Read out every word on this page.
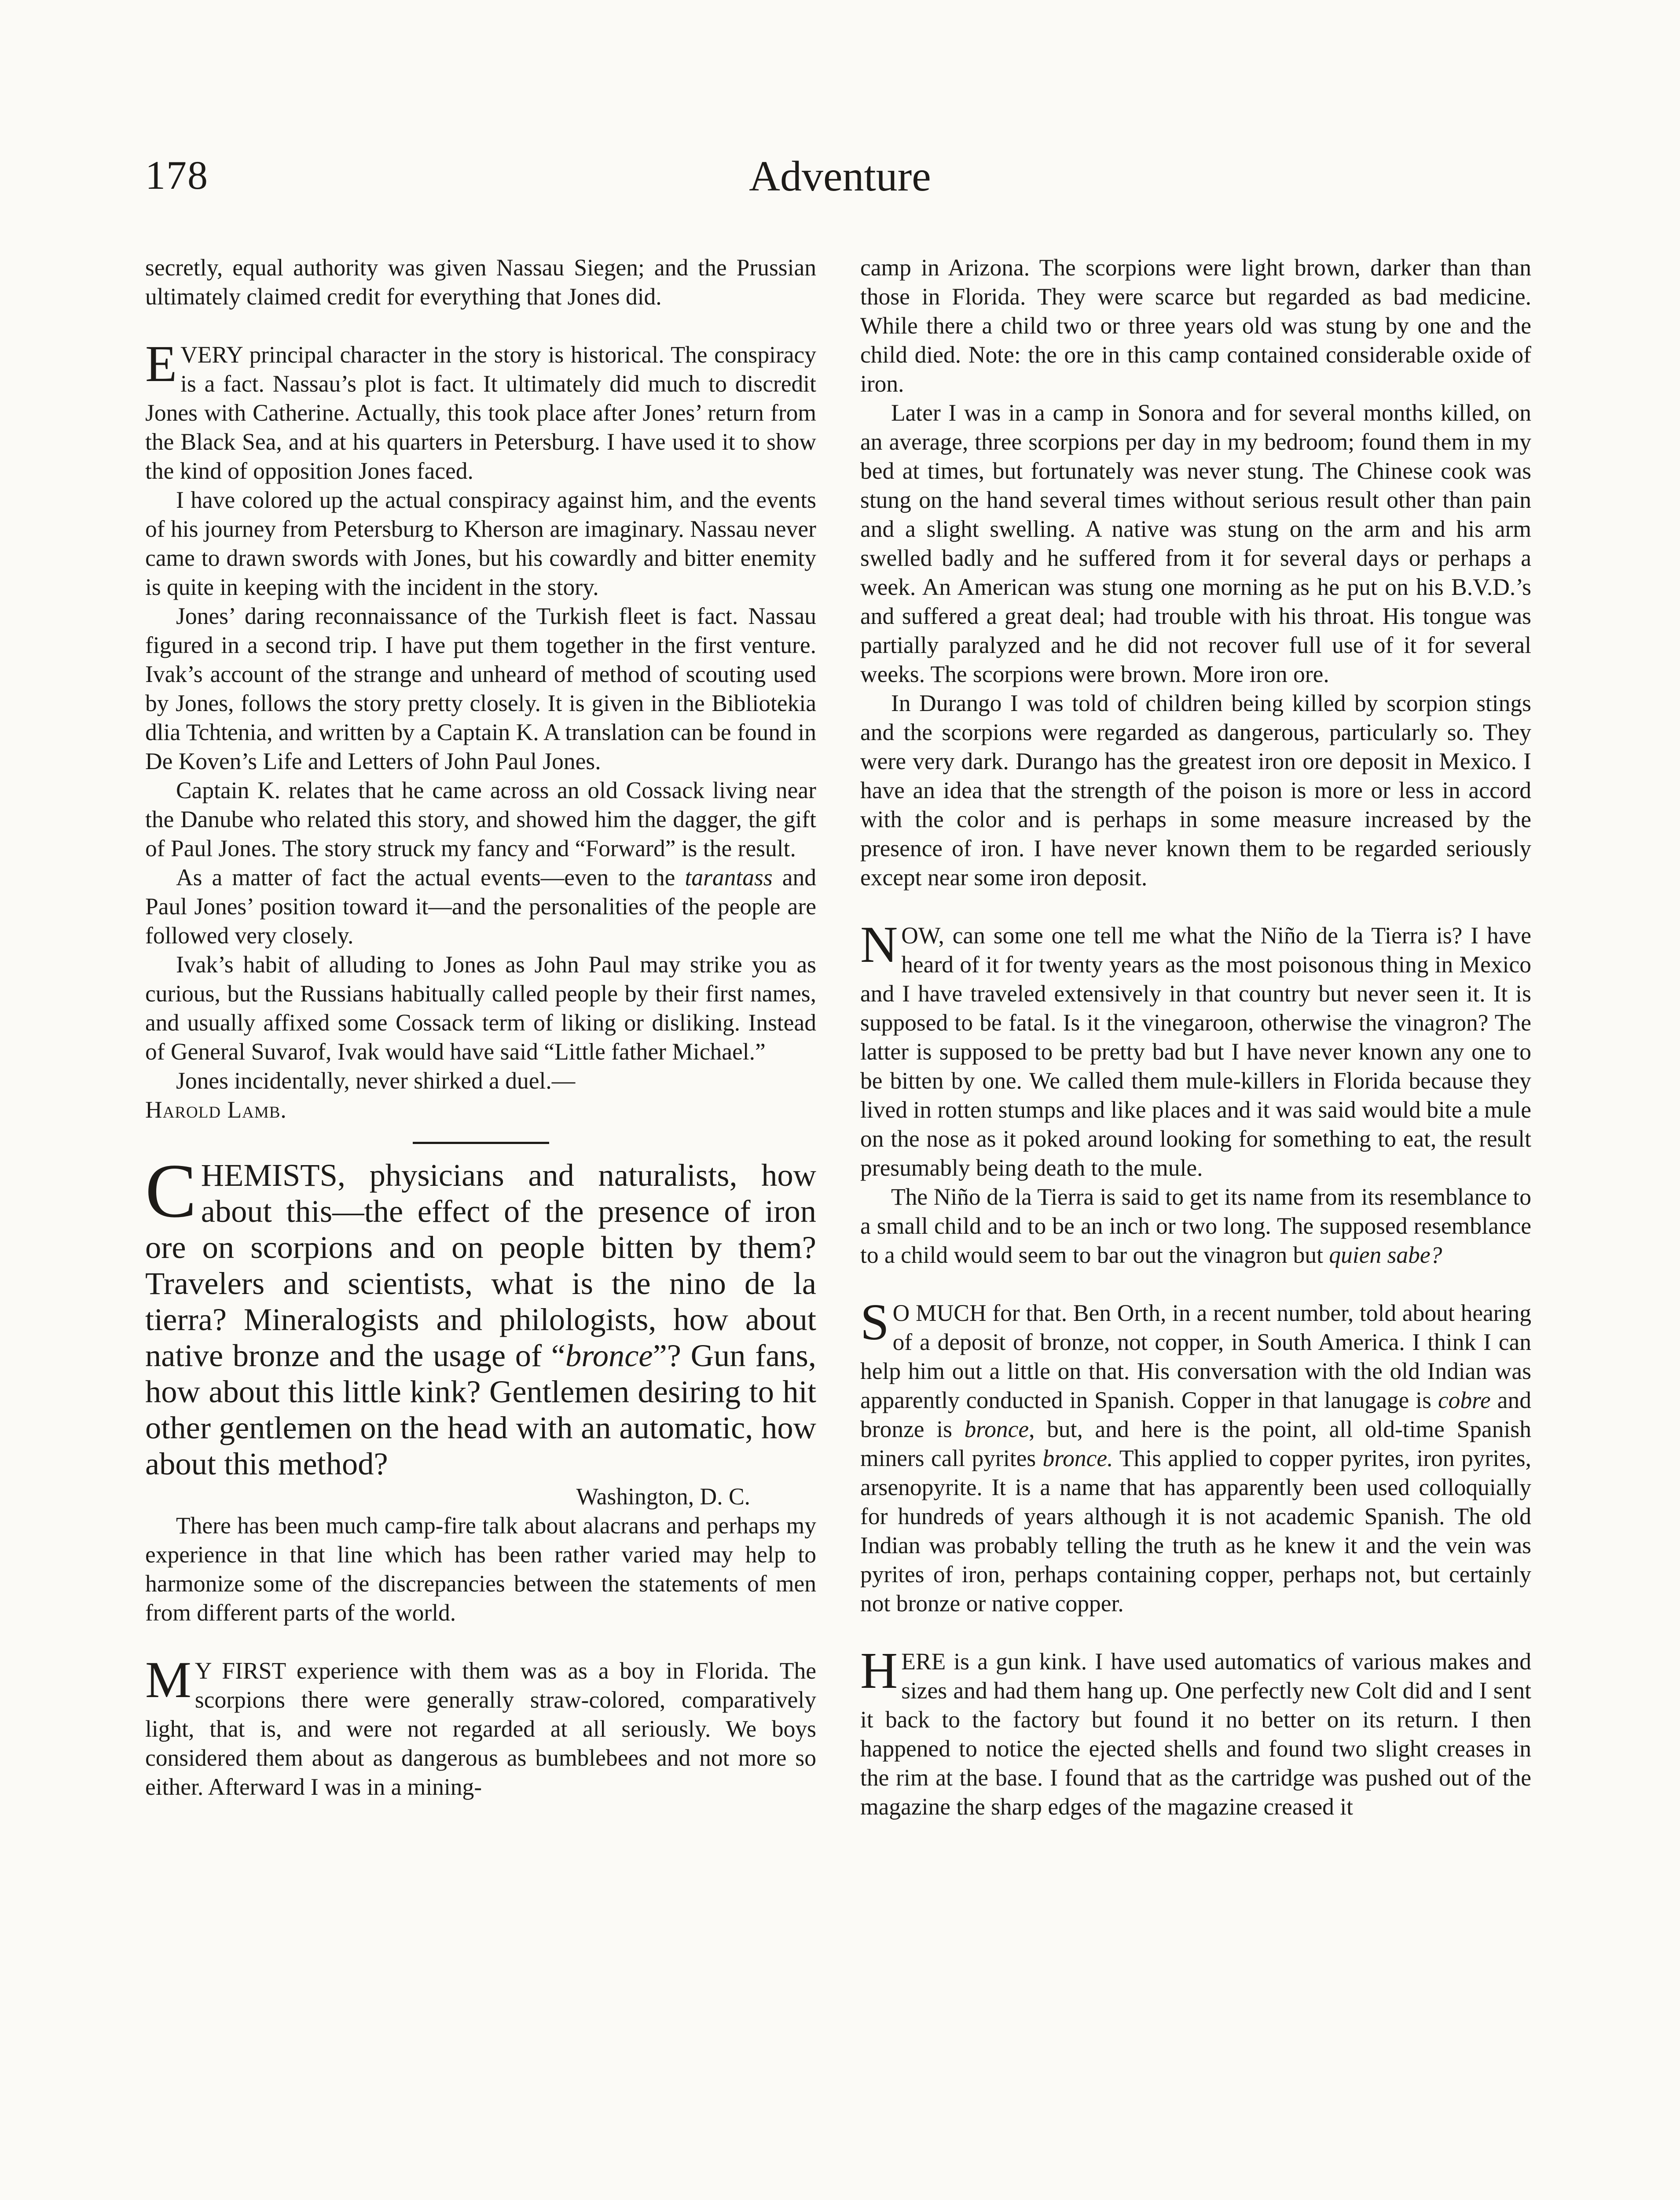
178	Adventure

secretly, equal authority was given Nassau Siegen; and the Prussian ultimately claimed credit for everything that Jones did.

EVERY principal character in the story is historical. The conspiracy is a fact. Nassau’s plot is fact. It ultimately did much to discredit Jones with Catherine. Actually, this took place after Jones’ return from the Black Sea, and at his quarters in Petersburg. I have used it to show the kind of opposition Jones faced.

I have colored up the actual conspiracy against him, and the events of his journey from Petersburg to Kherson are imaginary. Nassau never came to drawn swords with Jones, but his cowardly and bitter enemity is quite in keeping with the incident in the story.

Jones’ daring reconnaissance of the Turkish fleet is fact. Nassau figured in a second trip. I have put them together in the first venture. Ivak’s account of the strange and unheard of method of scouting used by Jones, follows the story pretty closely. It is given in the Bibliotekia dlia Tchtenia, and written by a Captain K. A translation can be found in De Koven’s Life and Letters of John Paul Jones.

Captain K. relates that he came across an old Cossack living near the Danube who related this story, and showed him the dagger, the gift of Paul Jones. The story struck my fancy and “Forward” is the result.

As a matter of fact the actual events—even to the tarantass and Paul Jones’ position toward it—and the personalities of the people are followed very closely.

Ivak’s habit of alluding to Jones as John Paul may strike you as curious, but the Russians habitually called people by their first names, and usually affixed some Cossack term of liking or disliking. Instead of General Suvarof, Ivak would have said “Little father Michael.”

Jones incidentally, never shirked a duel.—

Harold Lamb.

CHEMISTS, physicians and naturalists, how about this—the effect of the presence of iron ore on scorpions and on people bitten by them? Travelers and scientists, what is the nino de la tierra? Mineralogists and philologists, how about native bronze and the usage of “bronce”? Gun fans, how about this little kink? Gentlemen desiring to hit other gentlemen on the head with an automatic, how about this method?

Washington, D. C.

There has been much camp-fire talk about alacrans and perhaps my experience in that line which has been rather varied may help to harmonize some of the discrepancies between the statements of men from different parts of the world.

M Y FIRST experience with them was as a boy in Florida. The scorpions there were generally straw-colored, comparatively light, that is, and were not regarded at all seriously. We boys considered them about as dangerous as bumblebees and not more so either. Afterward I was in a mining-

camp in Arizona. The scorpions were light brown, darker than than those in Florida. They were scarce but regarded as bad medicine. While there a child two or three years old was stung by one and the child died. Note: the ore in this camp contained considerable oxide of iron.

Later I was in a camp in Sonora and for several months killed, on an average, three scorpions per day in my bedroom; found them in my bed at times, but fortunately was never stung. The Chinese cook was stung on the hand several times without serious result other than pain and a slight swelling. A native was stung on the arm and his arm swelled badly and he suffered from it for several days or perhaps a week. An American was stung one morning as he put on his B.V.D.’s and suffered a great deal; had trouble with his throat. His tongue was partially paralyzed and he did not recover full use of it for several weeks. The scorpions were brown. More iron ore.

In Durango I was told of children being killed by scorpion stings and the scorpions were regarded as dangerous, particularly so. They were very dark. Durango has the greatest iron ore deposit in Mexico. I have an idea that the strength of the poison is more or less in accord with the color and is perhaps in some measure increased by the presence of iron. I have never known them to be regarded seriously except near some iron deposit.

NOW, can some one tell me what the Niño de la Tierra is? I have heard of it for twenty years as the most poisonous thing in Mexico and I have traveled extensively in that country but never seen it. It is supposed to be fatal. Is it the vinegaroon, otherwise the vinagron? The latter is supposed to be pretty bad but I have never known any one to be bitten by one. We called them mule-killers in Florida because they lived in rotten stumps and like places and it was said would bite a mule on the nose as it poked around looking for something to eat, the result presumably being death to the mule.

The Niño de la Tierra is said to get its name from its resemblance to a small child and to be an inch or two long. The supposed resemblance to a child would seem to bar out the vinagron but quien sabe?

S O MUCH for that. Ben Orth, in a recent number, told about hearing of a deposit of bronze, not copper, in South America. I think I can help him out a little on that. His conversation with the old Indian was apparently conducted in Spanish. Copper in that lanugage is cobre and bronze is bronce, but, and here is the point, all old-time Spanish miners call pyrites bronce. This applied to copper pyrites, iron pyrites, arsenopyrite. It is a name that has apparently been used colloquially for hundreds of years although it is not academic Spanish. The old Indian was probably telling the truth as he knew it and the vein was pyrites of iron, perhaps containing copper, perhaps not, but certainly not bronze or native copper.

HERE is a gun kink. I have used automatics of various makes and sizes and had them hang up. One perfectly new Colt did and I sent it back to the factory but found it no better on its return. I then happened to notice the ejected shells and found two slight creases in the rim at the base. I found that as the cartridge was pushed out of the magazine the sharp edges of the magazine creased it
